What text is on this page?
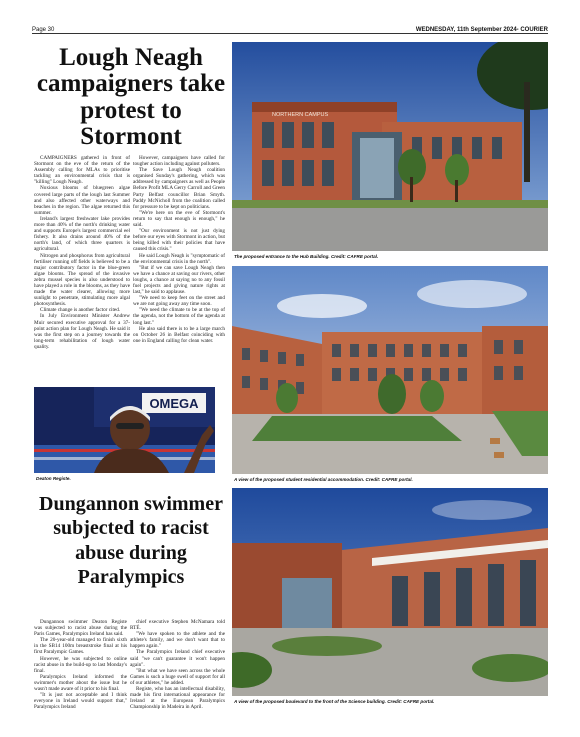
Page 30	WEDNESDAY, 11th September 2024- COURIER
Lough Neagh campaigners take protest to Stormont

CAMPAIGNERS gathered in front of Stormont on the eve of the return of the Assembly calling for MLAs to prioritise tackling an environmental crisis that is "killing" Lough Neagh.

Noxious blooms of bluegreen algae covered large parts of the lough last Summer and also affected other waterways and beaches in the region. The algae returned this summer.

Ireland's largest freshwater lake provides more than 40% of the north's drinking water and supports Europe's largest commercial eel fishery. It also drains around 40% of the north's land, of which three quarters is agricultural.

Nitrogen and phosphorus from agricultural fertiliser running off fields is believed to be a major contributory factor in the blue-green algae blooms. The spread of the invasive zebra mussel species is also understood to have played a role in the blooms, as they have made the water clearer, allowing more sunlight to penetrate, stimulating more algal photosynthesis.

Climate change is another factor cited.

In July Environment Minister Andrew Muir secured executive approval for a 37-point action plan for Lough Neagh. He said it was the first step on a journey towards the long-term rehabilitation of lough water quality.

However, campaigners have called for tougher action including against polluters.

The Save Lough Neagh coalition organised Sunday's gathering, which was addressed by campaigners as well as People Before Profit MLA Gerry Carroll and Green Party Belfast councillor Brian Smyth. Paddy McNicholl from the coalition called for pressure to be kept on politicians.

"We're here on the eve of Stormont's return to say that enough is enough," he said.

"Our environment is not just dying before our eyes with Stormont in action, but being killed with their policies that have caused this crisis."

He said Lough Neagh is "symptomatic of the environmental crisis in the north".

"But if we can save Lough Neagh then we have a chance at saving our rivers, other loughs, a chance at saying no to any fossil fuel projects and giving nature rights at last," he said to applause.

"We need to keep feet on the street and we are not going away any time soon.

"We need the climate to be at the top of the agenda, not the bottom of the agenda at long last."

He also said there is to be a large march on October 26 in Belfast coinciding with one in England calling for clean water.

OMEGA
Deaton Registe.
Dungannon swimmer subjected to racist abuse during Paralympics

Dungannon swimmer Deaton Registe was subjected to racist abuse during the Paris Games, Paralympics Ireland has said.

The 20-year-old managed to finish sixth in the SB14 100m breaststroke final at his first Paralympic Games.

However, he was subjected to online racist abuse in the build-up to last Monday's final.

Paralympics Ireland informed the swimmer's mother about the issue but he wasn't made aware of it prior to his final.

"It is just not acceptable and I think everyone in Ireland would support that," Paralympics Ireland

chief executive Stephen McNamara told RTÉ.

"We have spoken to the athlete and the athlete's family, and we don't want that to happen again."

The Paralympics Ireland chief executive said "we can't guarantee it won't happen again".

"But what we have seen across the whole Games is such a huge swell of support for all of our athletes," he added.

Registe, who has an intellectual disability, made his first international appearance for Ireland at the European Paralympics Championship in Madeira in April.

NORTHERN CAMPUS
The proposed entrance to the Hub Building. Credit: CAFRE portal.
A view of the proposed student residential accommodation. Credit: CAFRE portal.
A view of the proposed boulevard to the front of the Science building. Credit: CAFRE portal.
